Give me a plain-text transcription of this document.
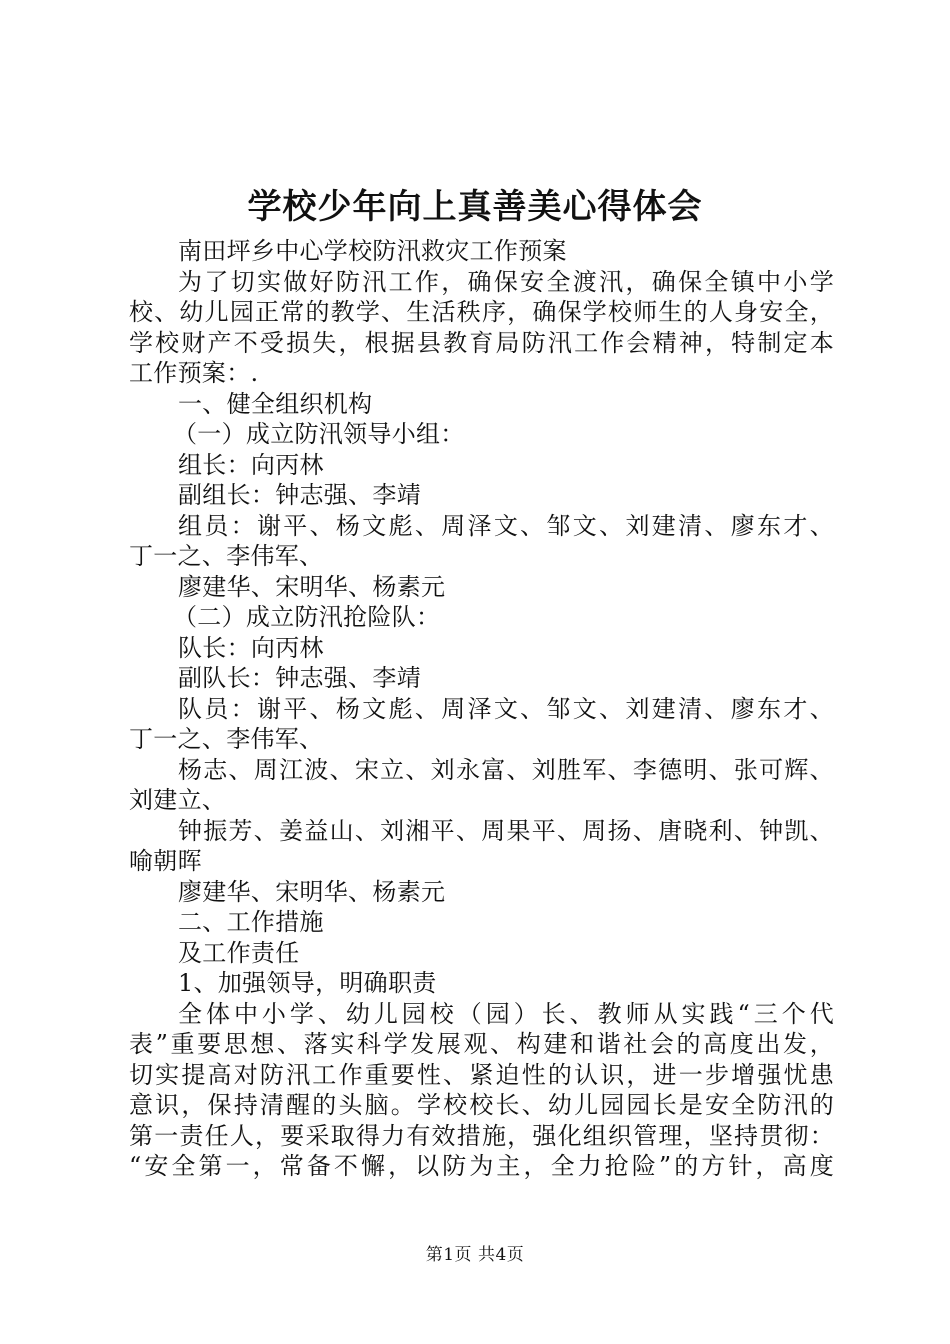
学校少年向上真善美心得体会
南田坪乡中心学校防汛救灾工作预案
为了切实做好防汛工作，确保安全渡汛，确保全镇中小学
校、幼儿园正常的教学、生活秩序，确保学校师生的人身安全，
学校财产不受损失，根据县教育局防汛工作会精神，特制定本
工作预案：.
一、健全组织机构
（一）成立防汛领导小组：
组长：向丙林
副组长：钟志强、李靖
组员：谢平、杨文彪、周泽文、邹文、刘建清、廖东才、
丁一之、李伟军、
廖建华、宋明华、杨素元
（二）成立防汛抢险队：
队长：向丙林
副队长：钟志强、李靖
队员：谢平、杨文彪、周泽文、邹文、刘建清、廖东才、
丁一之、李伟军、
杨志、周江波、宋立、刘永富、刘胜军、李德明、张可辉、
刘建立、
钟振芳、姜益山、刘湘平、周果平、周扬、唐晓利、钟凯、
喻朝晖
廖建华、宋明华、杨素元
二、工作措施
及工作责任
1、加强领导，明确职责
全体中小学、幼儿园校（园）长、教师从实践“三个代
表”重要思想、落实科学发展观、构建和谐社会的高度出发，
切实提高对防汛工作重要性、紧迫性的认识，进一步增强忧患
意识，保持清醒的头脑。学校校长、幼儿园园长是安全防汛的
第一责任人，要采取得力有效措施，强化组织管理，坚持贯彻：
“安全第一，常备不懈，以防为主，全力抢险”的方针，高度
第1页 共4页
